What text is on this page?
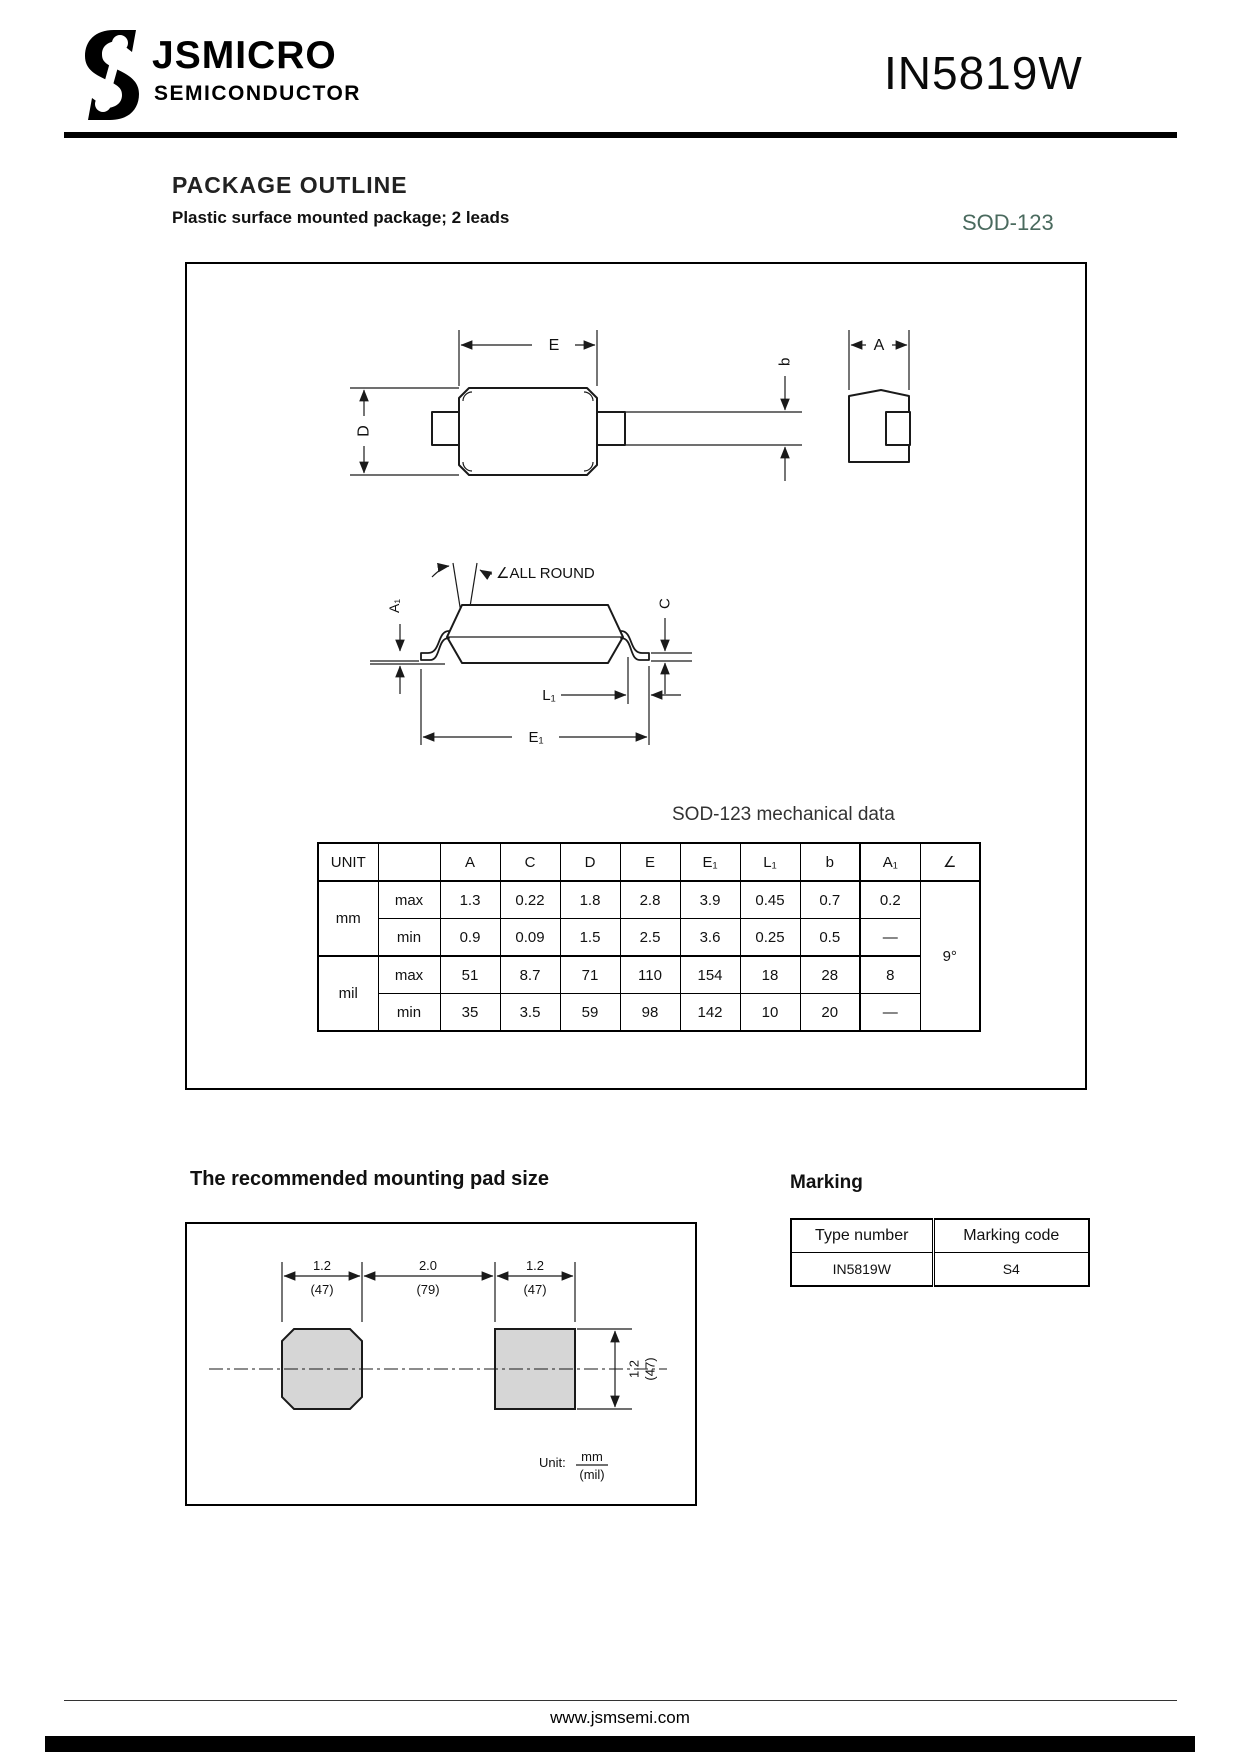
JSMICRO
SEMICONDUCTOR	IN5819W
PACKAGE OUTLINE
Plastic surface mounted package; 2 leads	SOD-123
E
b
D
A
∠ALL ROUND
A₁	C
L₁
E₁
SOD-123 mechanical data
UNIT		A	C	D	E	E₁	L₁	b	A₁	∠
mm	max	1.3	0.22	1.8	2.8	3.9	0.45	0.7	0.2	9°
	min	0.9	0.09	1.5	2.5	3.6	0.25	0.5	—	
mil	max	51	8.7	71	110	154	18	28	8	
	min	35	3.5	59	98	142	10	20	—	
The recommended mounting pad size
1.2
(47)
2.0
(79)
1.2
(47)
1.2 (47)
Unit: mm
(mil)
Marking
Type number	Marking code
IN5819W	S4
www.jsmsemi.com
